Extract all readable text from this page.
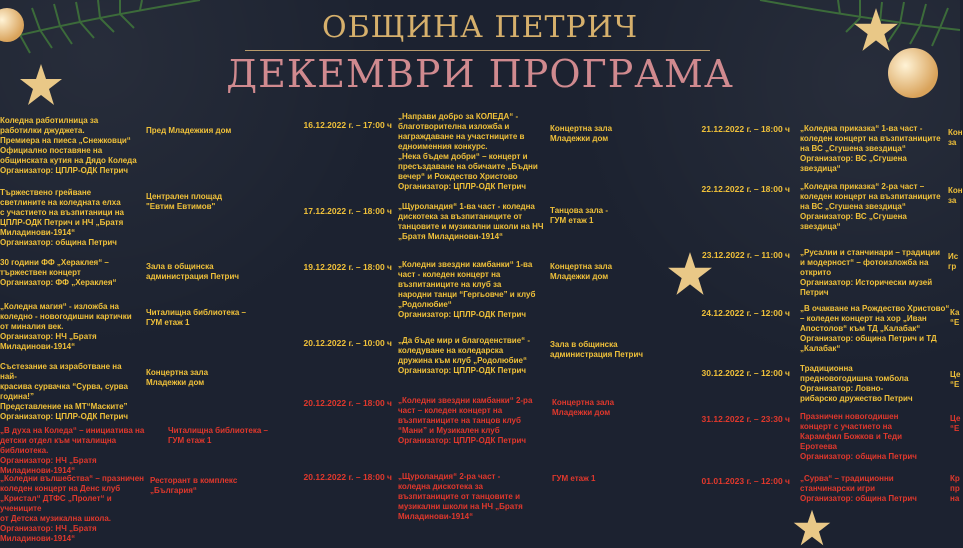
ОБЩИНА ПЕТРИЧ
ДЕКЕМВРИ ПРОГРАМА
Коледна работилница за
работилки джуджета.
Премиера на пиеса „Снежковци“
Официално поставяне на
общинската кутия на Дядо Коледа
Организатор: ЦПЛР-ОДК Петрич
Пред Младежкия дом
Тържествено грейване
светлините на коледната елха
с участието на възпитаници на
ЦПЛР-ОДК Петрич и НЧ „Братя
Миладинови-1914“
Организатор: община Петрич
Централен площад
"Евтим Евтимов"
30 години ФФ „Хераклея“ –
тържествен концерт
Организатор: ФФ „Хераклея“
Зала в общинска
администрация Петрич
„Коледна магия“ - изложба на
коледно - новогодишни картички
от миналия век.
Организатор: НЧ „Братя
Миладинови-1914“
Читалищна библиотека –
ГУМ етаж 1
Състезание за изработване на най-
красива сурвачка “Сурва, сурва
година!”
Представление на МТ“Маските”
Организатор: ЦПЛР-ОДК Петрич
Концертна зала
Младежки дом
„В духа на Коледа“ – инициатива на
детски отдел към читалищна библиотека.
Организатор: НЧ „Братя
Миладинови-1914“
Читалищна библиотека –
ГУМ етаж 1
„Коледни вълшебства“ – празничен
коледен концерт на Денс клуб
„Кристал“ ДТФС „Пролет“ и учениците
от Детска музикална школа.
Организатор: НЧ „Братя
Миладинови-1914“
Ресторант в комплекс
„България“
16.12.2022 г. – 17:00 ч
„Направи добро за КОЛЕДА“ -
благотворителна изложба и
награждаване на участниците в
едноименния конкурс.
„Нека бъдем добри“ – концерт и
пресъздаване на обичаите „Бъдни
вечер“ и Рождество Христово
Организатор: ЦПЛР-ОДК Петрич
Концертна зала
Младежки дом
17.12.2022 г. – 18:00 ч „Щуроландия“ 1-ва част - коледна
дискотека за възпитаниците от
танцовите и музикални школи на НЧ
„Братя Миладинови-1914“
Танцова зала -
ГУМ етаж 1
19.12.2022 г. – 18:00 ч „Коледни звездни камбанки“ 1-ва
част - коледен концерт на
възпитаниците на клуб за
народни танци “Гергьовче” и клуб
„Родолюбие“
Организатор: ЦПЛР-ОДК Петрич
Концертна зала
Младежки дом
20.12.2022 г. – 10:00 ч „Да бъде мир и благоденствие“ -
коледуване на коледарска
дружина към клуб „Родолюбие“
Организатор: ЦПЛР-ОДК Петрич
Зала в общинска
администрация Петрич
20.12.2022 г. – 18:00 ч „Коледни звездни камбанки“ 2-ра
част – коледен концерт на
възпитаниците на танцов клуб
“Мани” и Музикален клуб
Организатор: ЦПЛР-ОДК Петрич
Концертна зала
Младежки дом
20.12.2022 г. – 18:00 ч „Щуроландия“ 2-ра част -
коледна дискотека за
възпитаниците от танцовите и
музикални школи на НЧ „Братя
Миладинови-1914“
ГУМ етаж 1
21.12.2022 г. – 18:00 ч „Коледна приказка“ 1-ва част -
коледен концерт на възпитаниците
на ВС „Сгушена звездица“
Организатор: ВС „Сгушена звездица“
Кон
за
22.12.2022 г. – 18:00 ч „Коледна приказка“ 2-ра част –
коледен концерт на възпитаниците
на ВС „Сгушена звездица“
Организатор: ВС „Сгушена
звездица“
Кон
за
23.12.2022 г. – 11:00 ч „Русалии и станчинари – традиции
и модерност“ – фотоизложба на
открито
Организатор: Исторически музей
Петрич
Ис
гр
24.12.2022 г. – 12:00 ч „В очакване на Рождество Христово“
– коледен концерт на хор „Иван
Апостолов“ към ТД „Калабак“
Организатор: община Петрич и ТД
„Калабак“
Ка
“Е
30.12.2022 г. – 12:00 ч Традиционна
предновогодишна томбола
Организатор: Ловно-
рибарско дружество Петрич
Це
“Е
31.12.2022 г. – 23:30 ч Празничен новогодишен
концерт с участието на
Карамфил Божков и Теди
Еротеева
Организатор: община Петрич
Це
“Е
01.01.2023 г. – 12:00 ч „Сурва“ – традиционни
станчинарски игри
Организатор: община Петрич
Кр
пр
на
